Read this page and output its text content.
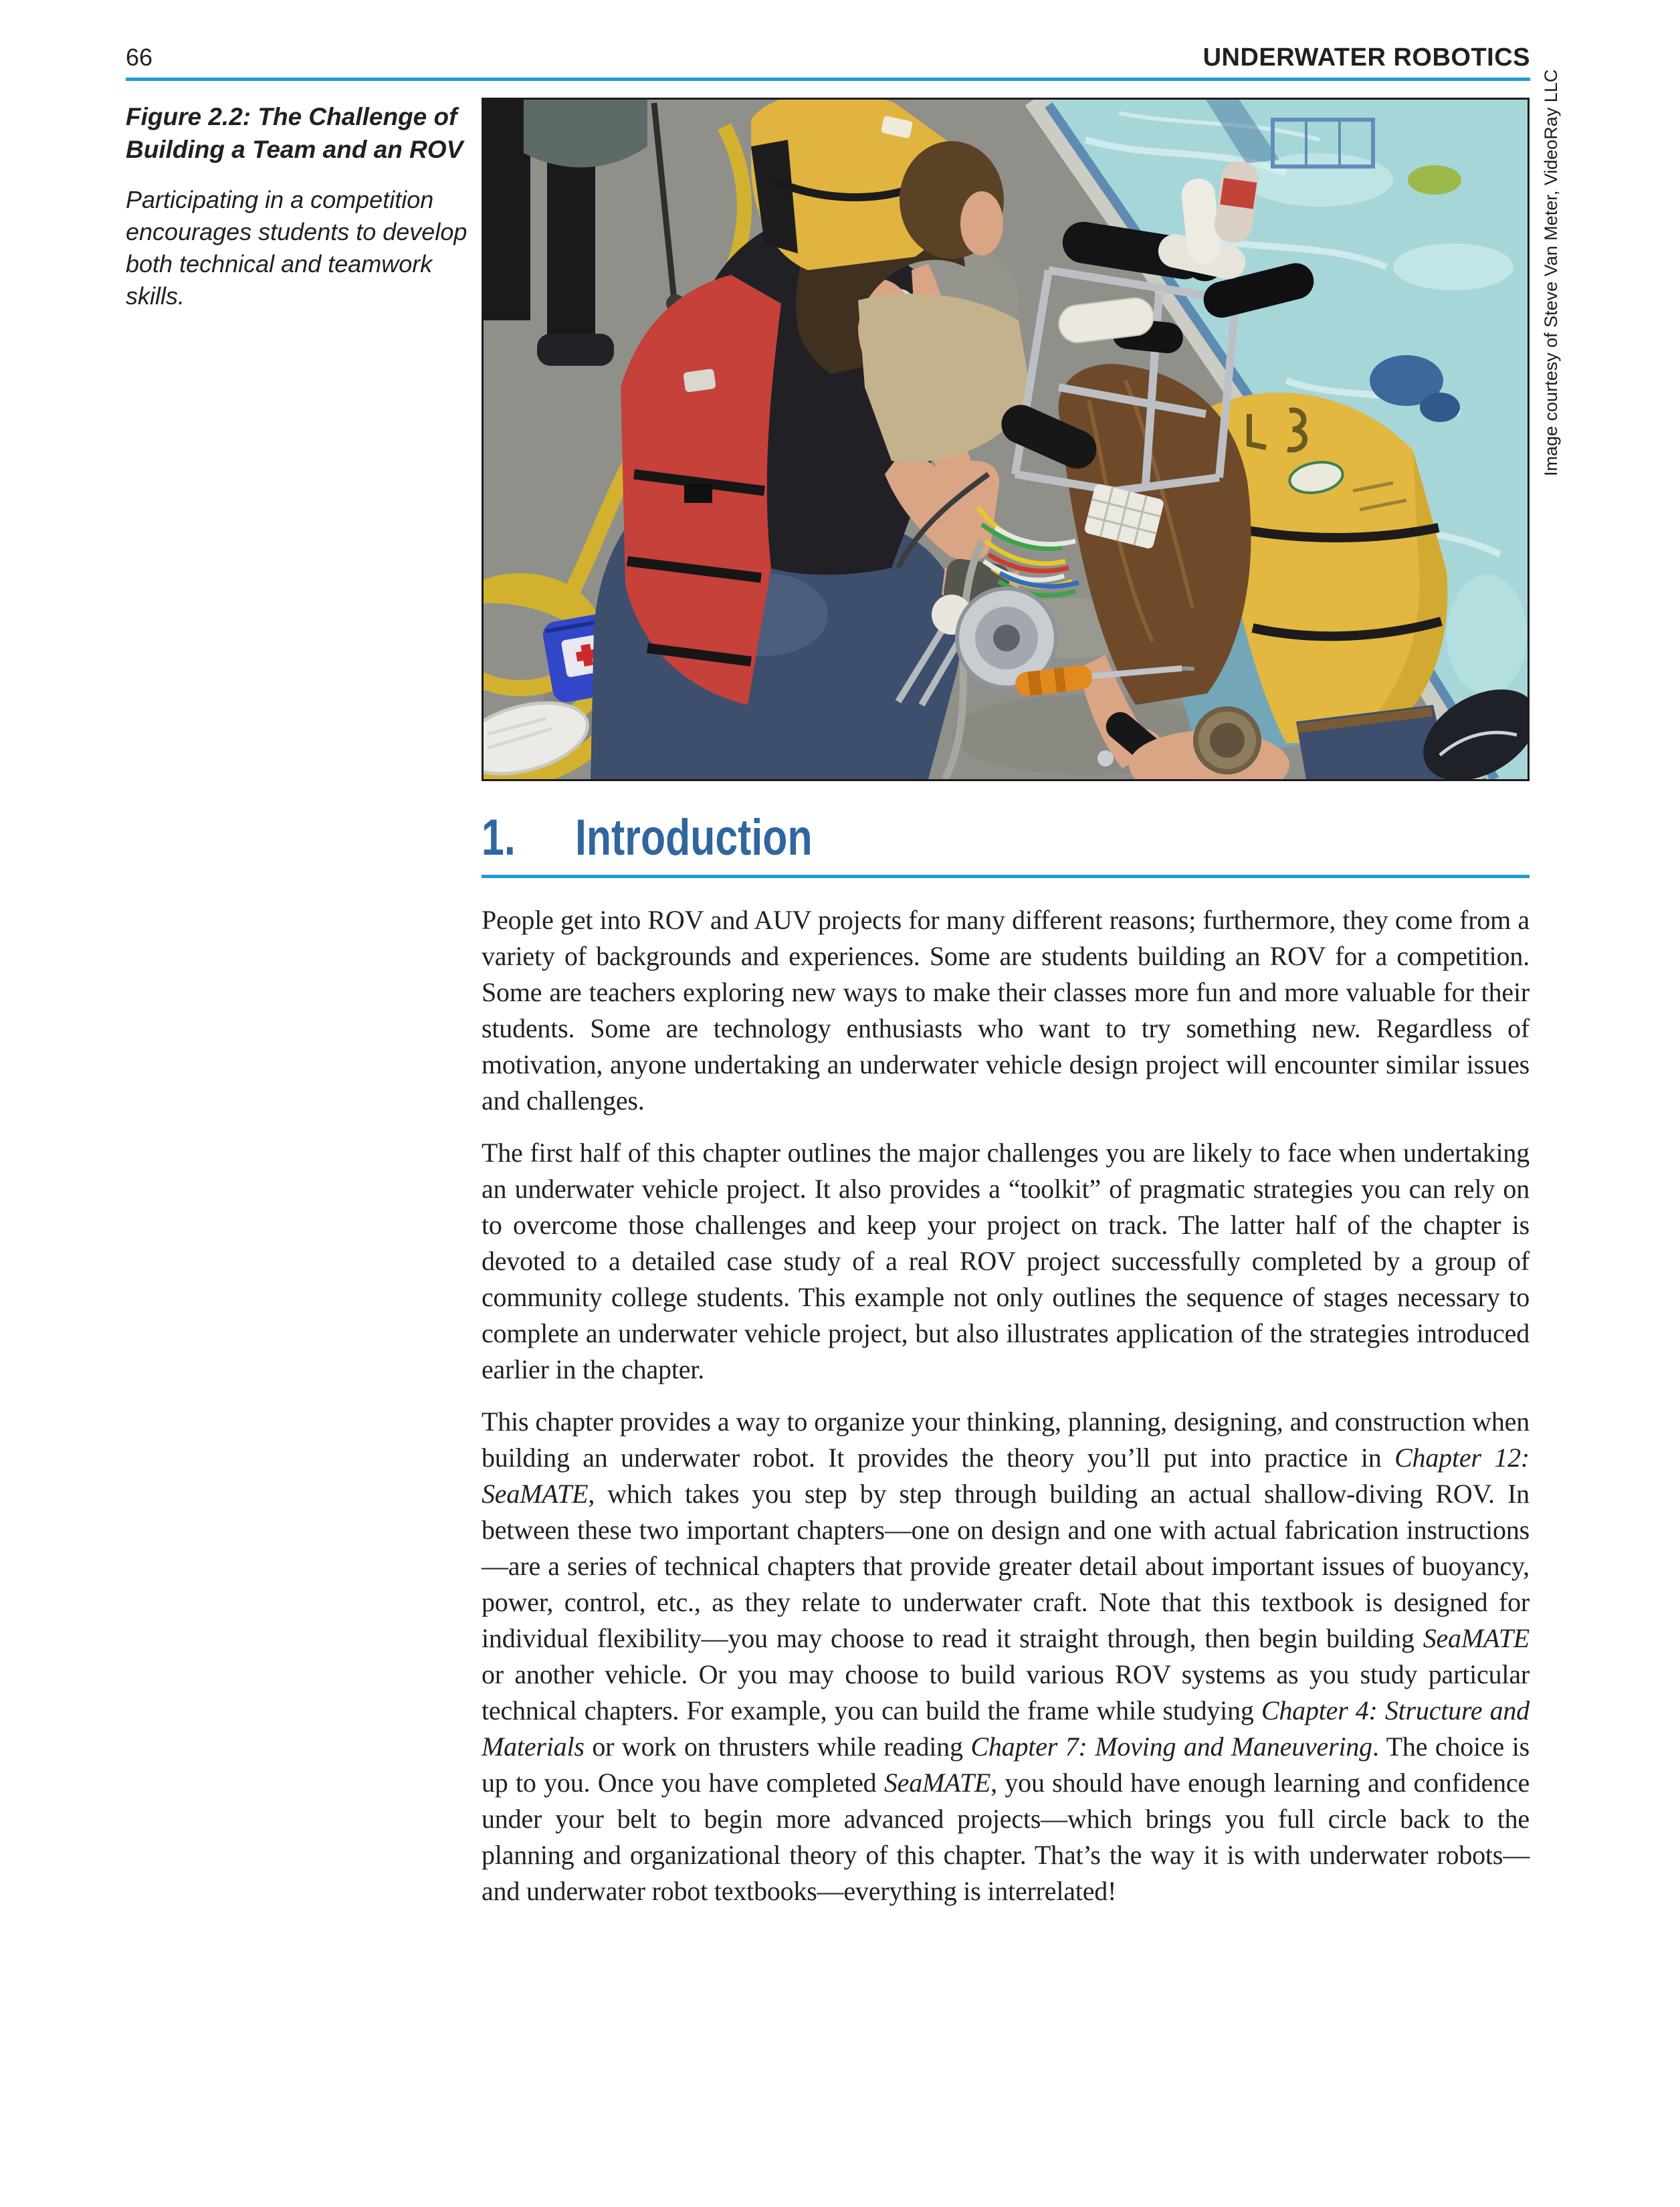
66	UNDERWATER ROBOTICS

Figure 2.2: The Challenge of Building a Team and an ROV

Participating in a competition encourages students to develop both technical and teamwork skills.	Image courtesy of Steve Van Meter, VideoRay LLC
1. Introduction

People get into ROV and AUV projects for many different reasons; furthermore, they come from a variety of backgrounds and experiences. Some are students building an ROV for a competition. Some are teachers exploring new ways to make their classes more fun and more valuable for their students. Some are technology enthusiasts who want to try something new. Regardless of motivation, anyone undertaking an underwater vehicle design project will encounter similar issues and challenges.

The first half of this chapter outlines the major challenges you are likely to face when undertaking an underwater vehicle project. It also provides a “toolkit” of pragmatic strategies you can rely on to overcome those challenges and keep your project on track. The latter half of the chapter is devoted to a detailed case study of a real ROV project successfully completed by a group of community college students. This example not only outlines the sequence of stages necessary to complete an underwater vehicle project, but also illustrates application of the strategies introduced earlier in the chapter.

This chapter provides a way to organize your thinking, planning, designing, and construction when building an underwater robot. It provides the theory you’ll put into practice in Chapter 12: SeaMATE, which takes you step by step through building an actual shallow-diving ROV. In between these two important chapters—one on design and one with actual fabrication instructions—are a series of technical chapters that provide greater detail about important issues of buoyancy, power, control, etc., as they relate to underwater craft. Note that this textbook is designed for individual flexibility—you may choose to read it straight through, then begin building SeaMATE or another vehicle. Or you may choose to build various ROV systems as you study particular technical chapters. For example, you can build the frame while studying Chapter 4: Structure and Materials or work on thrusters while reading Chapter 7: Moving and Maneuvering. The choice is up to you. Once you have completed SeaMATE, you should have enough learning and confidence under your belt to begin more advanced projects—which brings you full circle back to the planning and organizational theory of this chapter. That’s the way it is with underwater robots—and underwater robot textbooks—everything is interrelated!
